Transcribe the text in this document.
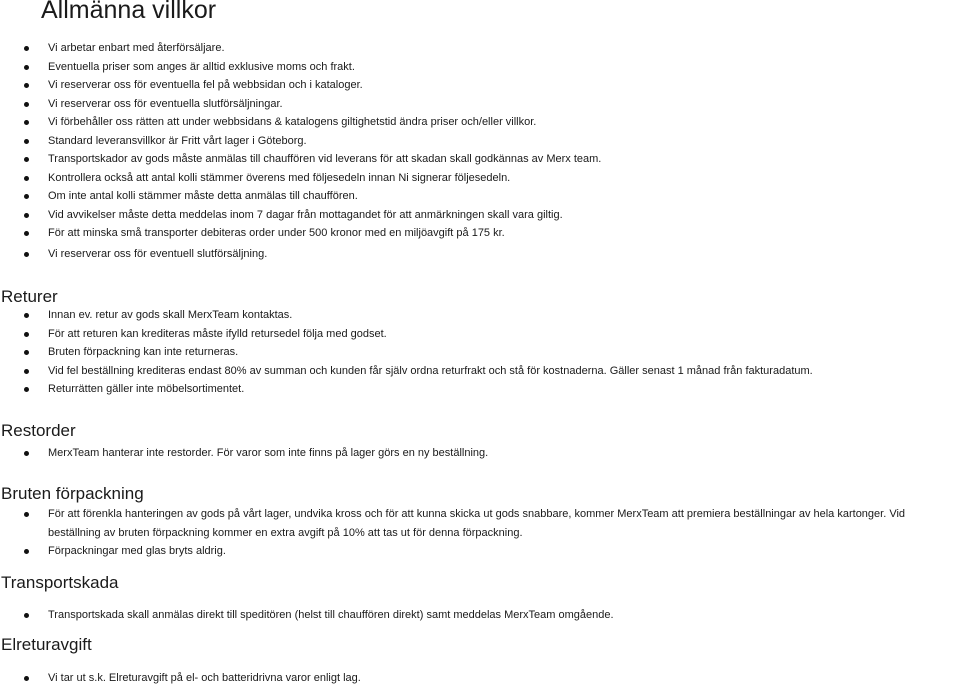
Allmänna villkor
Vi arbetar enbart med återförsäljare.
Eventuella priser som anges är alltid exklusive moms och frakt.
Vi reserverar oss för eventuella fel på webbsidan och i kataloger.
Vi reserverar oss för eventuella slutförsäljningar.
Vi förbehåller oss rätten att under webbsidans & katalogens giltighetstid ändra priser och/eller villkor.
Standard leveransvillkor är Fritt vårt lager i Göteborg.
Transportskador av gods måste anmälas till chauffören vid leverans för att skadan skall godkännas av Merx team.
Kontrollera också att antal kolli stämmer överens med följesedeln innan Ni signerar följesedeln.
Om inte antal kolli stämmer måste detta anmälas till chauffören.
Vid avvikelser måste detta meddelas inom 7 dagar från mottagandet för att anmärkningen skall vara giltig.
För att minska små transporter debiteras order under 500 kronor med en miljöavgift på 175 kr.
Vi reserverar oss för eventuell slutförsäljning.
Returer
Innan ev. retur av gods skall MerxTeam kontaktas.
För att returen kan krediteras måste ifylld retursedel följa med godset.
Bruten förpackning kan inte returneras.
Vid fel beställning krediteras endast 80% av summan och kunden får själv ordna returfrakt och stå för kostnaderna. Gäller senast 1 månad från fakturadatum.
Returrätten gäller inte möbelsortimentet.
Restorder
MerxTeam hanterar inte restorder. För varor som inte finns på lager görs en ny beställning.
Bruten förpackning
För att förenkla hanteringen av gods på vårt lager, undvika kross och för att kunna skicka ut gods snabbare, kommer MerxTeam att premiera beställningar av hela kartonger. Vid beställning av bruten förpackning kommer en extra avgift på 10% att tas ut för denna förpackning.
Förpackningar med glas bryts aldrig.
Transportskada
Transportskada skall anmälas direkt till speditören (helst till chauffören direkt) samt meddelas MerxTeam omgående.
Elreturavgift
Vi tar ut s.k. Elreturavgift på el- och batteridrivna varor enligt lag.
